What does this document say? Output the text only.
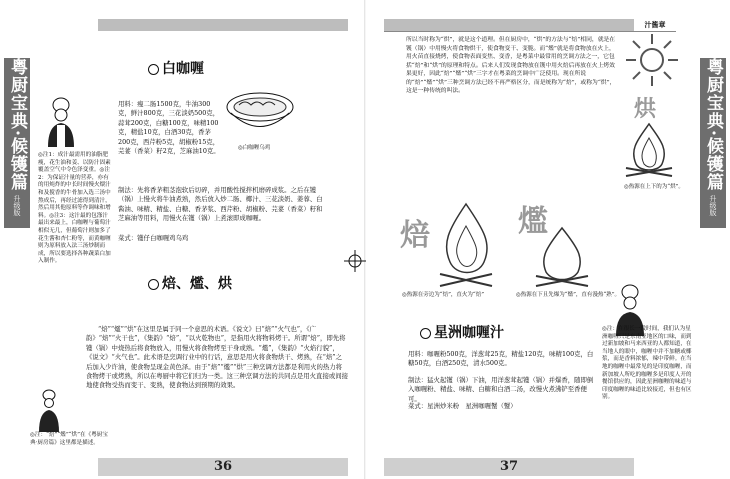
粤厨宝典·候镬篇
升级版
白咖喱
◎白咖喱乌鸡
用料：瘦二肠1500克，牛油300克，鲜汁800克，三花淡奶500克，蒜茸200克，白糖100克，味精100克，精盐10克，白酒30克，香茅200克，西芹粉5克，胡椒粉15克，芫荽（香菜）籽2克，芝麻油10克。
制法：先将香茅粗茎泡软后切碎，并用酸性搅拌机磨碎成浆。之后在镬（锅）上慢火将牛油煮熟，然后放入炒二肠、椰汁、三花淡奶、姜蓉、白酱油、味精、精盐、白糖、香茅浆、西芹粉、胡椒粉、芫荽（香菜）籽和芝麻油等用料，用慢火在镬（锅）上煮滚即成咖喱。
菜式：镬仔白咖喱鸡乌鸡
◎注1：成汁最需用的油脂肥瘦，花生油和姜、以防汁固素覆盖空气中令色泽变重。◎注2：为保证汁量的营养，亦有的用炖炸的中长时间慢火煨汁和及搅香的牛骨加入选三汤中熬成后，再经过滤得到清汁，然后用其他原料等作调味和增料。◎注3：这汁最的包涤汁最出来最上，白咖喱与葡萄汁相似无几，但葡萄汁则加多了花生酱和杏仁粉等，而黄咖喱则为原料放入法三汤炒制而成，所以要选择各种蔬菜白加入制作。
焙、爁、烘
“焙”“爁”“烘”在这里是属于同一个意思的术语。《说文》曰“焙”“火气也”，《广韵》“焙”“火干也”，《集韵》“焙”，“以火乾物也”，是指用火将物料烤干。所谓“焙”，即先将镬（锅）中烧热后将食物放入，用慢火将食物烤至干身或熟。“爁”，《集韵》“火焰行貌”，《说文》“火气也”。此术语是烹调行业中的行话，意思是用火将食物烘干、烤熟，在“焙”之后加入少许油，使食物呈现金黄色泽。由于“焙”“爁”“烘”三种烹调方法都是利用火的热力将食物烤干或烤熟，所以在粤厨中将它们归为一类。这三种烹调方法的共同点是用火直接或间接地使食物受热而变干、变熟，使食物达到预期的效果。
◎注：“焙”“爁”“烘”在《粤厨宝典·厨房篇》这里都是描述。
36
汁酱章
粤厨宝典·候镬篇
升级版
所以当时称为“烘”，就是这个道理。但在厨房中，“烘”的方法与“焙”相同，就是在镬（锅）中用慢火将食物烘干，使食物变干、变脆。而“爁”就是将食物放在火上，用火苗直接烧烤，使食物表面变焦、变香，是粤菜中最常用的烹调方法之一，它包括“焙”和“烘”的原理和特点。后来人们发现食物放在镬中用火焙后再放在火上烤效果更好，因此“焙”“爁”“烘”三字才在粤菜的烹调中广泛使用。现在所说的“焙”“爁”“烘”三种烹调方法已经不再严格区分，而是统称为“焙”，或称为“烘”，这是一种传统的叫法。
烘
◎热源在上下的为“烘”。
焙
◎热源在旁边为“焙”，直火为“焙”
爁
◎热源在下且先爆为“爁”，直有漫热“熟”。
星洲咖喱汁
用料：咖喱粉500克，洋葱茸25克，精盐120克，味精100克，白糖50克，白酒250克，清水500克。
制法：猛火起镬（锅）下油，用洋葱茸起镬（锅）并爆香，随即倒入咖喱粉、精盐、味精、白糖和白酒二汤，改慢火煮沸铲至香便可。
菜式：星洲炒米粉　星洲咖喱蟹（蟹）
◎注：在很长一段时间，我们认为星洲咖喱只是东南亚地区的口味，而到过新加坡和马来西亚的人都知道，在当地人的眼中，咖喱中并不加糖或椰浆，而是香料浓郁，辣中带鲜。在当地的咖喱中最常见的是印度咖喱，而新加坡人所吃的咖喱多是印度人开的餐馆供应的，因此星洲咖喱的味道与印度咖喱的味道比较接近，但也有区别。
37
